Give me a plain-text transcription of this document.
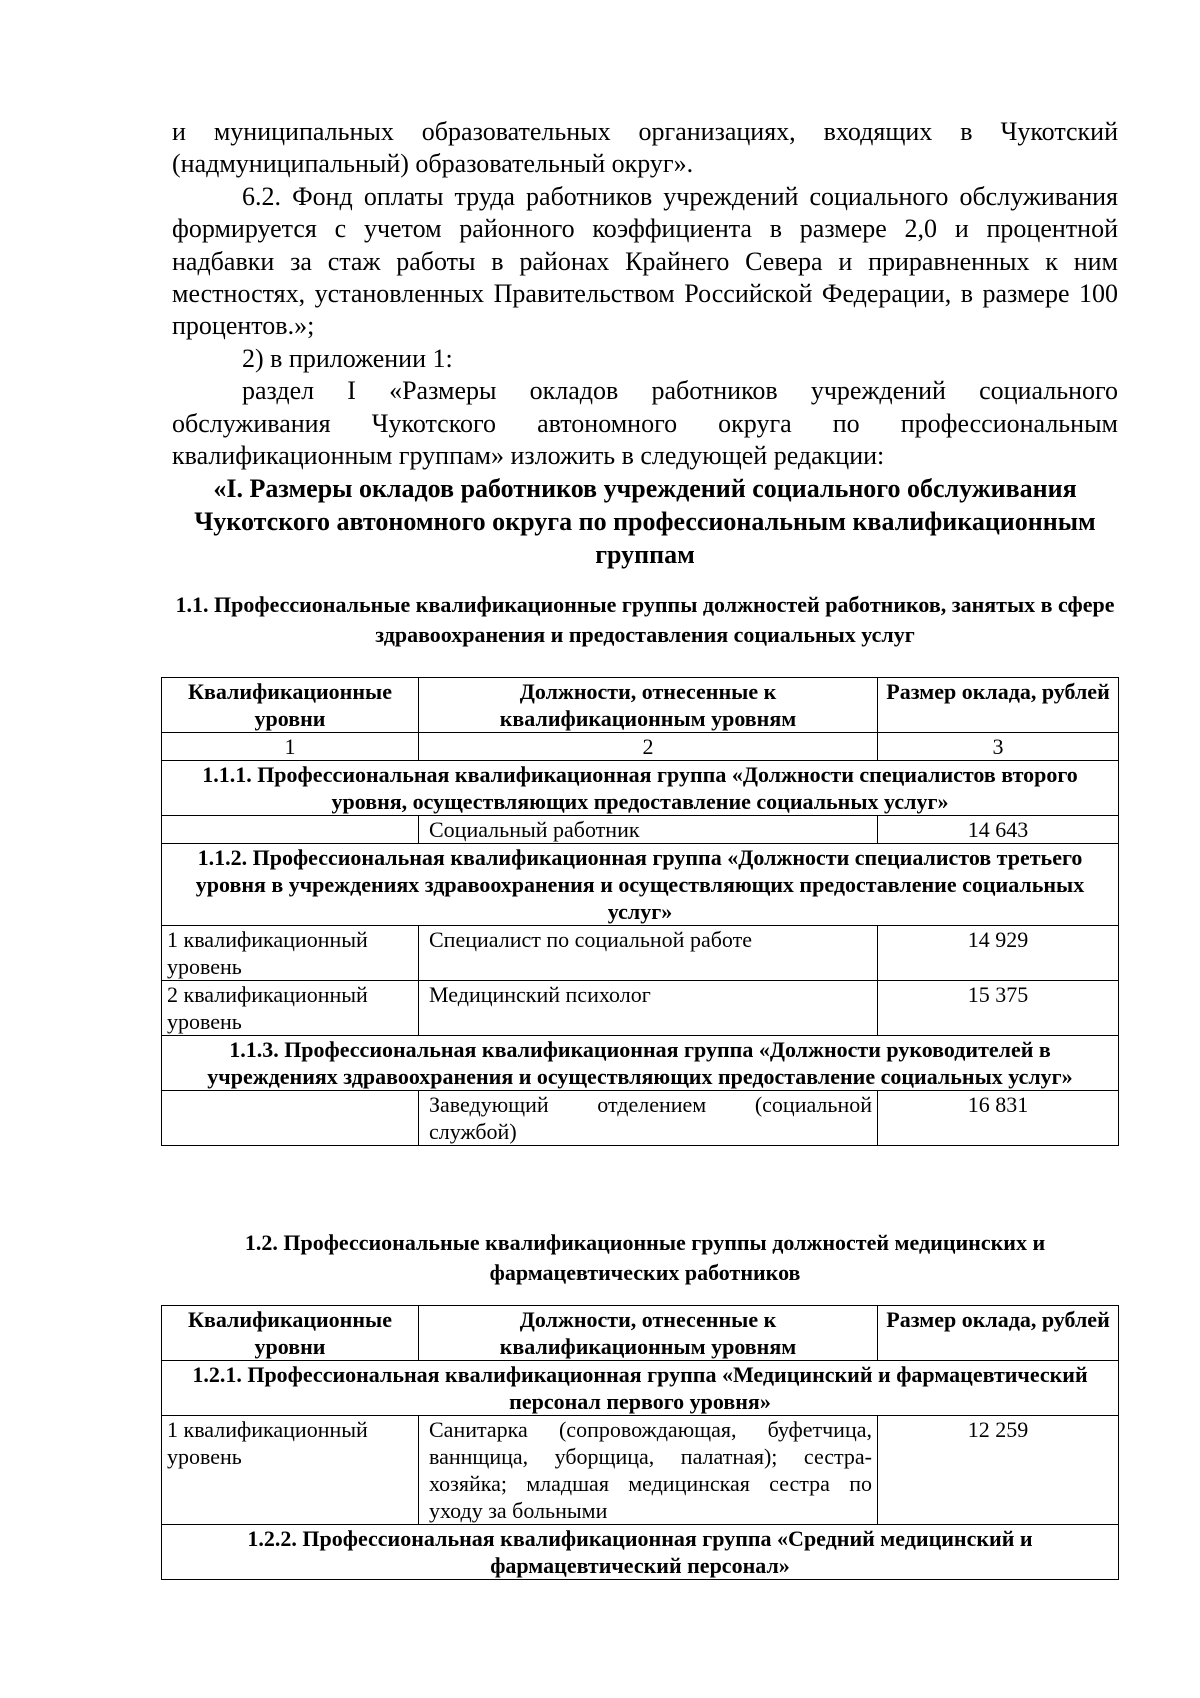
и муниципальных образовательных организациях, входящих в Чукотский (надмуниципальный) образовательный округ».

6.2. Фонд оплаты труда работников учреждений социального обслуживания формируется с учетом районного коэффициента в размере 2,0 и процентной надбавки за стаж работы в районах Крайнего Севера и приравненных к ним местностях, установленных Правительством Российской Федерации, в размере 100 процентов.»;

2) в приложении 1:

раздел I «Размеры окладов работников учреждений социального обслуживания Чукотского автономного округа по профессиональным квалификационным группам» изложить в следующей редакции:

«I. Размеры окладов работников учреждений социального обслуживания Чукотского автономного округа по профессиональным квалификационным группам

1.1. Профессиональные квалификационные группы должностей работников, занятых в сфере здравоохранения и предоставления социальных услуг

Квалификационные уровни	Должности, отнесенные к квалификационным уровням	Размер оклада, рублей
1	2	3
1.1.1. Профессиональная квалификационная группа «Должности специалистов второго уровня, осуществляющих предоставление социальных услуг»		
	Социальный работник	14 643
1.1.2. Профессиональная квалификационная группа «Должности специалистов третьего уровня в учреждениях здравоохранения и осуществляющих предоставление социальных услуг»		
1 квалификационный уровень	Специалист по социальной работе	14 929
2 квалификационный уровень	Медицинский психолог	15 375
1.1.3. Профессиональная квалификационная группа «Должности руководителей в учреждениях здравоохранения и осуществляющих предоставление социальных услуг»		
	Заведующий отделением (социальной службой)	16 831

1.2. Профессиональные квалификационные группы должностей медицинских и фармацевтических работников

Квалификационные уровни	Должности, отнесенные к квалификационным уровням	Размер оклада, рублей
1.2.1. Профессиональная квалификационная группа «Медицинский и фармацевтический персонал первого уровня»		
1 квалификационный уровень	Санитарка (сопровождающая, буфетчица, ваннщица, уборщица, палатная); сестра-хозяйка; младшая медицинская сестра по уходу за больными	12 259
1.2.2. Профессиональная квалификационная группа «Средний медицинский и фармацевтический персонал»		
